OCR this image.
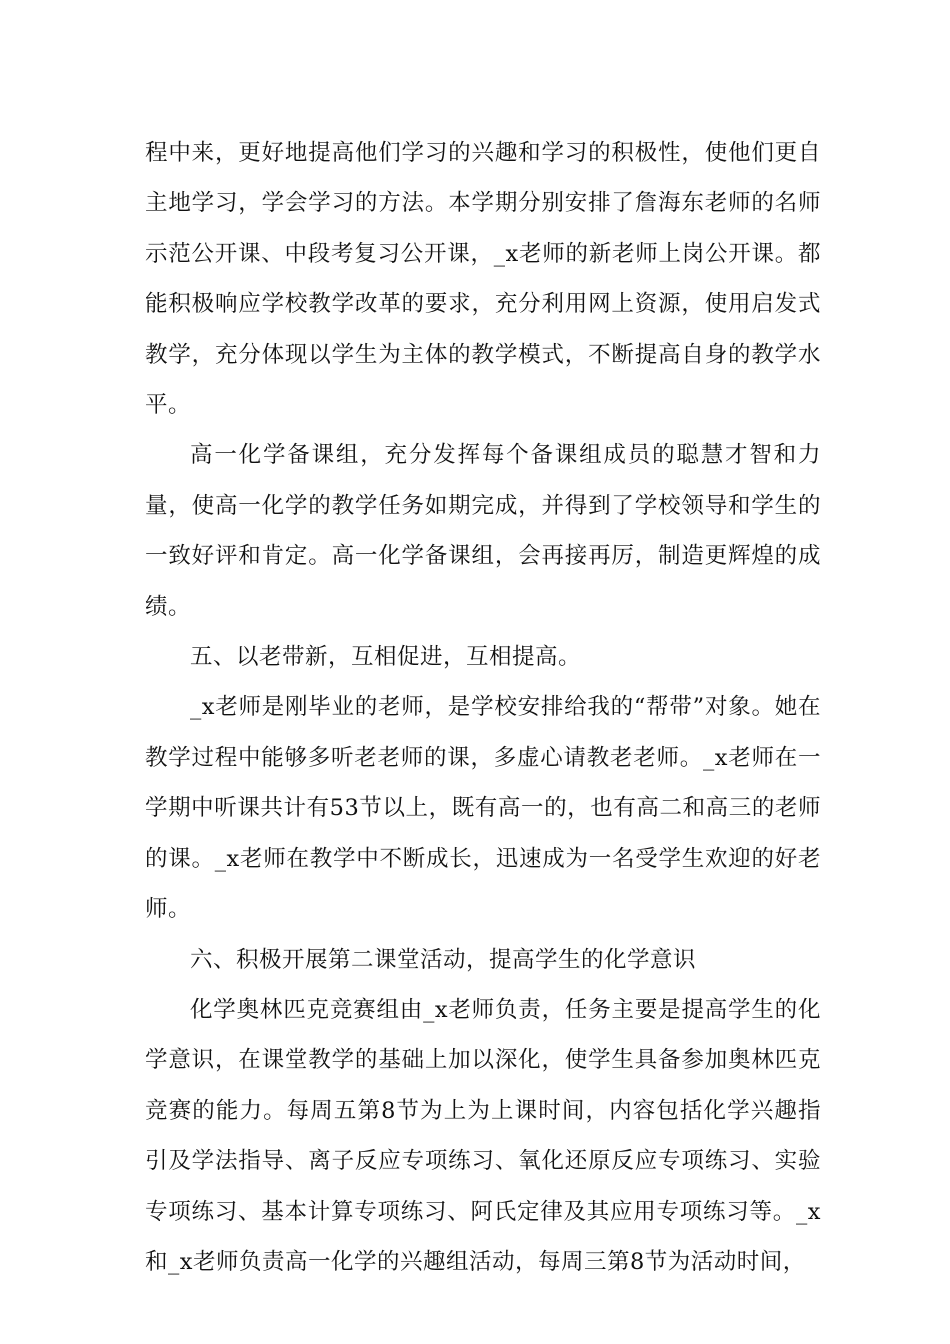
程中来，更好地提高他们学习的兴趣和学习的积极性，使他们更自主地学习，学会学习的方法。本学期分别安排了詹海东老师的名师示范公开课、中段考复习公开课，_x老师的新老师上岗公开课。都能积极响应学校教学改革的要求，充分利用网上资源，使用启发式教学，充分体现以学生为主体的教学模式，不断提高自身的教学水平。

高一化学备课组，充分发挥每个备课组成员的聪慧才智和力量，使高一化学的教学任务如期完成，并得到了学校领导和学生的一致好评和肯定。高一化学备课组，会再接再厉，制造更辉煌的成绩。

五、以老带新，互相促进，互相提高。

_x老师是刚毕业的老师，是学校安排给我的“帮带”对象。她在教学过程中能够多听老老师的课，多虚心请教老老师。_x老师在一学期中听课共计有53节以上，既有高一的，也有高二和高三的老师的课。_x老师在教学中不断成长，迅速成为一名受学生欢迎的好老师。

六、积极开展第二课堂活动，提高学生的化学意识

化学奥林匹克竞赛组由_x老师负责，任务主要是提高学生的化学意识，在课堂教学的基础上加以深化，使学生具备参加奥林匹克竞赛的能力。每周五第8节为上为上课时间，内容包括化学兴趣指引及学法指导、离子反应专项练习、氧化还原反应专项练习、实验专项练习、基本计算专项练习、阿氏定律及其应用专项练习等。_x和_x老师负责高一化学的兴趣组活动，每周三第8节为活动时间，
